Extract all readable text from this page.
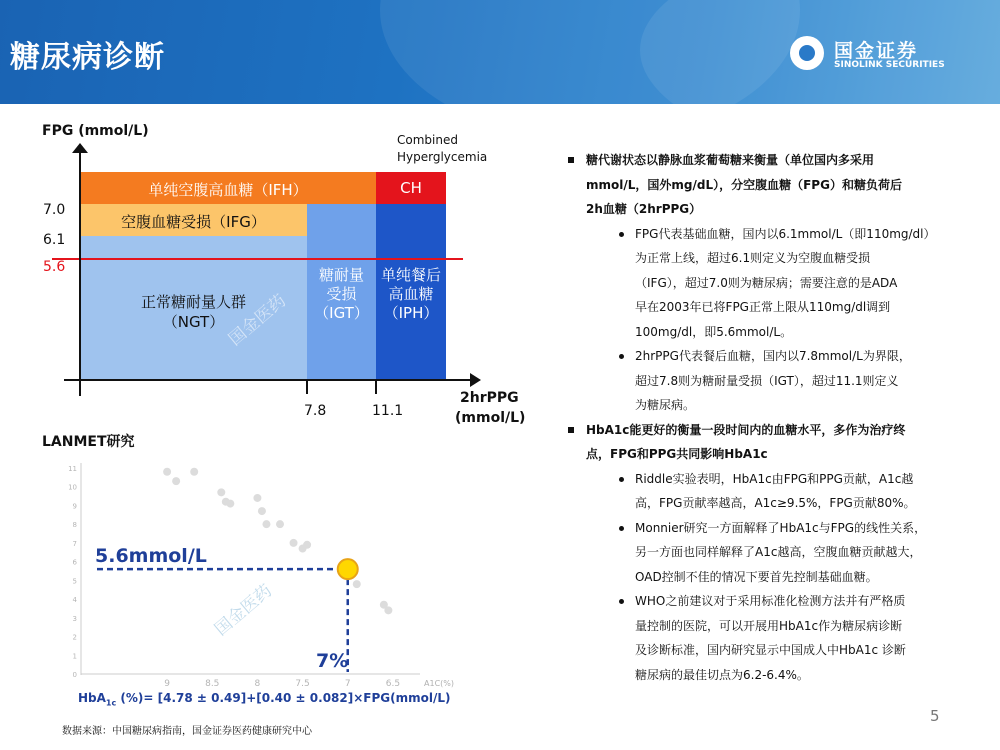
糖尿病诊断	国金证券
SINOLINK SECURITIES
FPG (mmol/L)
Combined
Hyperglycemia
单纯空腹高血糖（IFH）	CH
空腹血糖受损（IFG）
正常糖耐量人群
（NGT）
糖耐量
受损
（IGT）
单纯餐后
高血糖
（IPH）
7.0
6.1
5.6
7.8	11.1
2hrPPG
(mmol/L)
国金医药
LANMET研究
11
10
9
8
7
6
5
4
3
2
1
0
9	8.5	8	7.5	7	6.5	A1C(%)
5.6mmol/L
7%
国金医药
HbA$_{1c}$ (%)= [4.78 ± 0.49]+[0.40 ± 0.082]×FPG(mmol/L)
糖代谢状态以静脉血浆葡萄糖来衡量（单位国内多采用
mmol/L，国外mg/dL），分空腹血糖（FPG）和糖负荷后
2h血糖（2hrPPG）
FPG代表基础血糖，国内以6.1mmol/L（即110mg/dl）
为正常上线，超过6.1则定义为空腹血糖受损
（IFG），超过7.0则为糖尿病；需要注意的是ADA
早在2003年已将FPG正常上限从110mg/dl调到
100mg/dl，即5.6mmol/L。
2hrPPG代表餐后血糖，国内以7.8mmol/L为界限，
超过7.8则为糖耐量受损（IGT），超过11.1则定义
为糖尿病。
HbA1c能更好的衡量一段时间内的血糖水平，多作为治疗终
点，FPG和PPG共同影响HbA1c
Riddle实验表明，HbA1c由FPG和PPG贡献，A1c越
高，FPG贡献率越高，A1c≥9.5%，FPG贡献80%。
Monnier研究一方面解释了HbA1c与FPG的线性关系，
另一方面也同样解释了A1c越高，空腹血糖贡献越大，
OAD控制不佳的情况下要首先控制基础血糖。
WHO之前建议对于采用标准化检测方法并有严格质
量控制的医院，可以开展用HbA1c作为糖尿病诊断
及诊断标准，国内研究显示中国成人中HbA1c 诊断
糖尿病的最佳切点为6.2-6.4%。
5
数据来源：中国糖尿病指南，国金证券医药健康研究中心
